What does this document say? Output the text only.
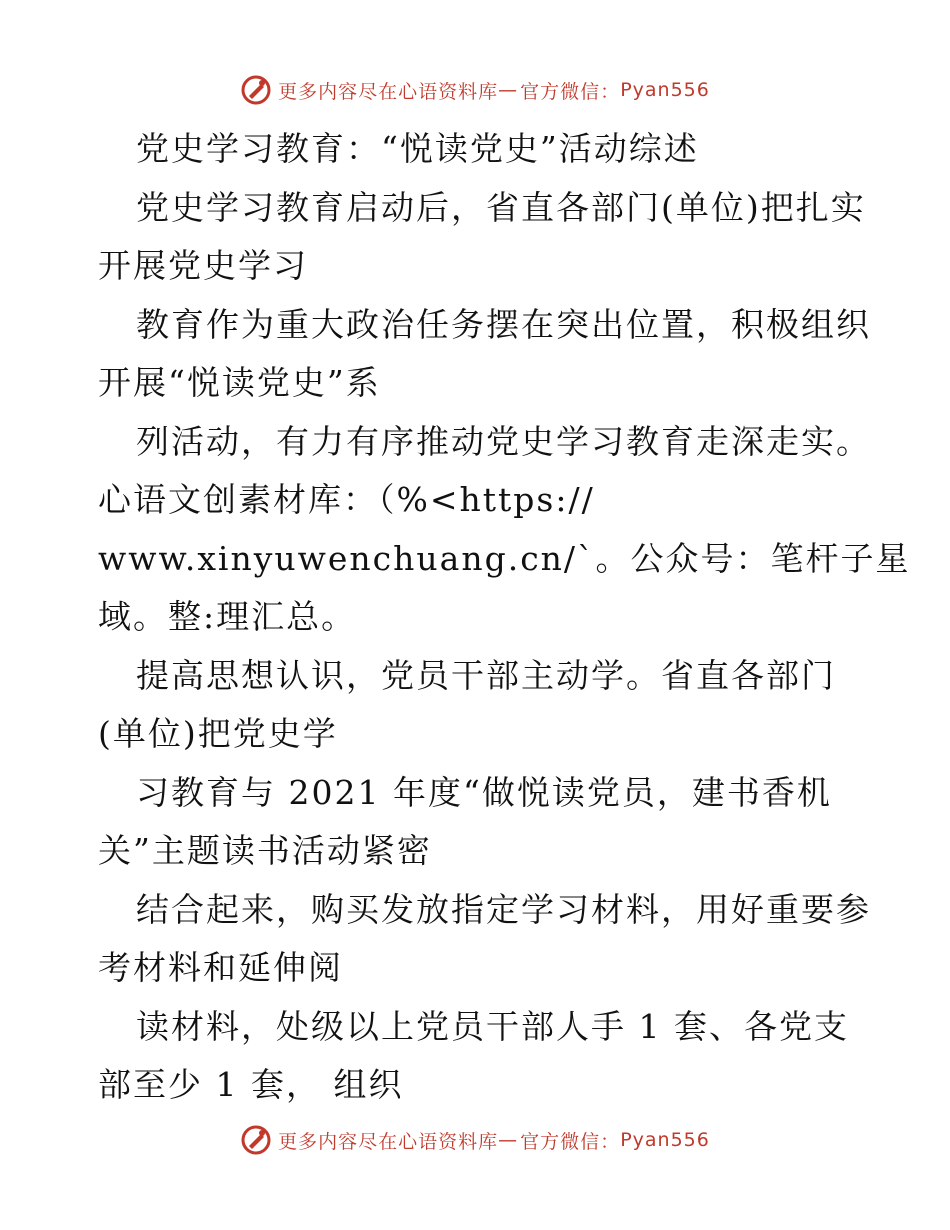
更多内容尽在心语资料库 — 官方微信： Pyan556
党史学习教育：“悦读党史”活动综述
党史学习教育启动后，省直各部门(单位)把扎实
开展党史学习
教育作为重大政治任务摆在突出位置，积极组织
开展“悦读党史”系
列活动，有力有序推动党史学习教育走深走实。
心语文创素材库：（%<https://
www.xinyuwenchuang.cn/`。公众号：笔杆子星
域。整:理汇总。
提高思想认识，党员干部主动学。省直各部门
(单位)把党史学
习教育与 2021 年度“做悦读党员，建书香机
关”主题读书活动紧密
结合起来，购买发放指定学习材料，用好重要参
考材料和延伸阅
读材料，处级以上党员干部人手 1 套、各党支
部至少 1 套， 组织
更多内容尽在心语资料库 — 官方微信： Pyan556
